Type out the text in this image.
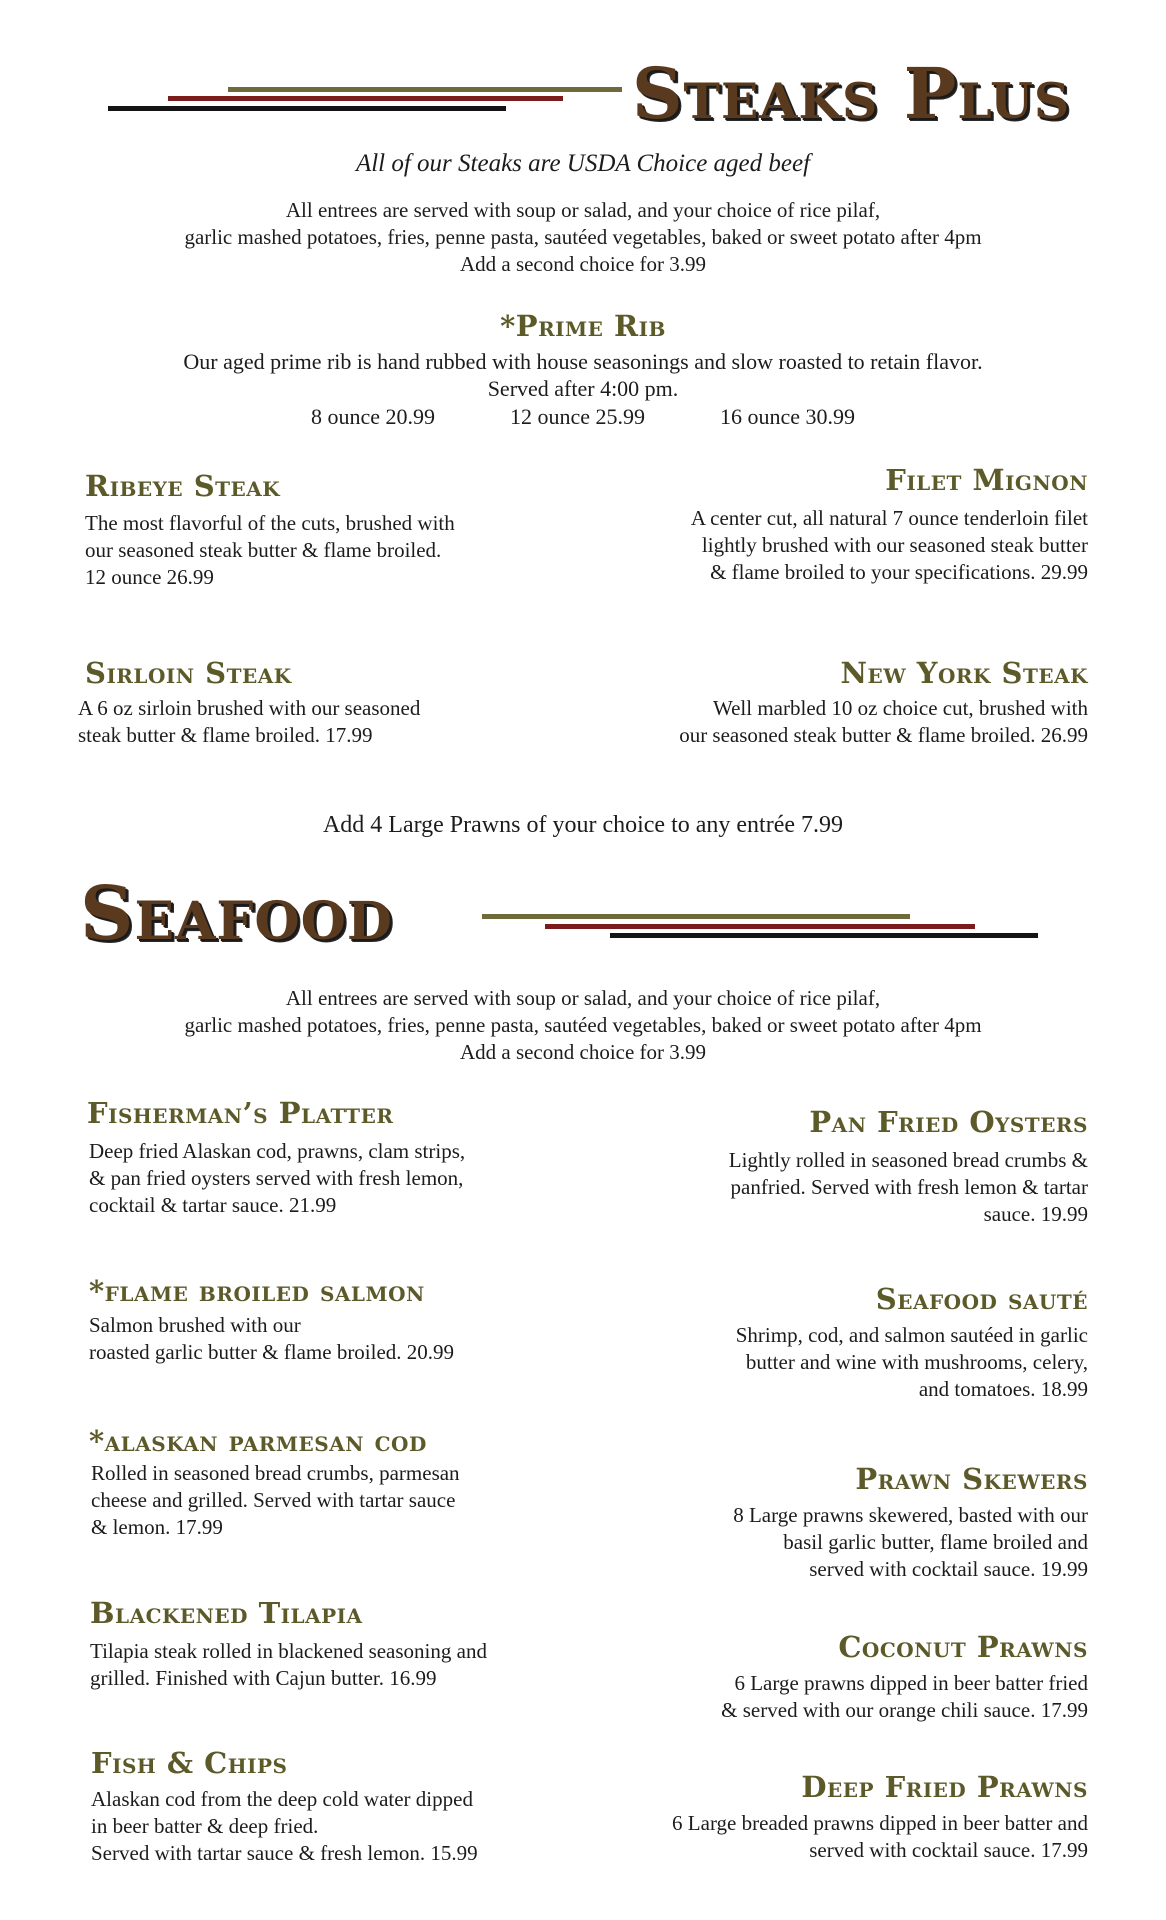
Steaks Plus
All of our Steaks are USDA Choice aged beef
All entrees are served with soup or salad, and your choice of rice pilaf,
garlic mashed potatoes, fries, penne pasta, sautéed vegetables, baked or sweet potato after 4pm
Add a second choice for 3.99
*Prime Rib
Our aged prime rib is hand rubbed with house seasonings and slow roasted to retain flavor.
Served after 4:00 pm.
8 ounce 20.99	12 ounce 25.99	16 ounce 30.99
Ribeye Steak
The most flavorful of the cuts, brushed with
our seasoned steak butter & flame broiled.
12 ounce 26.99
Filet Mignon
A center cut, all natural 7 ounce tenderloin filet
lightly brushed with our seasoned steak butter
& flame broiled to your specifications. 29.99
Sirloin Steak
A 6 oz sirloin brushed with our seasoned
steak butter & flame broiled. 17.99
New York Steak
Well marbled 10 oz choice cut, brushed with
our seasoned steak butter & flame broiled. 26.99
Add 4 Large Prawns of your choice to any entrée 7.99
Seafood
All entrees are served with soup or salad, and your choice of rice pilaf,
garlic mashed potatoes, fries, penne pasta, sautéed vegetables, baked or sweet potato after 4pm
Add a second choice for 3.99
Fisherman’s Platter
Deep fried Alaskan cod, prawns, clam strips,
& pan fried oysters served with fresh lemon,
cocktail & tartar sauce. 21.99
*flame broiled salmon
Salmon brushed with our
roasted garlic butter & flame broiled. 20.99
*alaskan parmesan cod
Rolled in seasoned bread crumbs, parmesan
cheese and grilled. Served with tartar sauce
& lemon. 17.99
Blackened Tilapia
Tilapia steak rolled in blackened seasoning and
grilled. Finished with Cajun butter. 16.99
Fish & Chips
Alaskan cod from the deep cold water dipped
in beer batter & deep fried.
Served with tartar sauce & fresh lemon. 15.99
Pan Fried Oysters
Lightly rolled in seasoned bread crumbs &
panfried. Served with fresh lemon & tartar
sauce. 19.99
Seafood sauté
Shrimp, cod, and salmon sautéed in garlic
butter and wine with mushrooms, celery,
and tomatoes. 18.99
Prawn Skewers
8 Large prawns skewered, basted with our
basil garlic butter, flame broiled and
served with cocktail sauce. 19.99
Coconut Prawns
6 Large prawns dipped in beer batter fried
& served with our orange chili sauce. 17.99
Deep Fried Prawns
6 Large breaded prawns dipped in beer batter and
served with cocktail sauce. 17.99
